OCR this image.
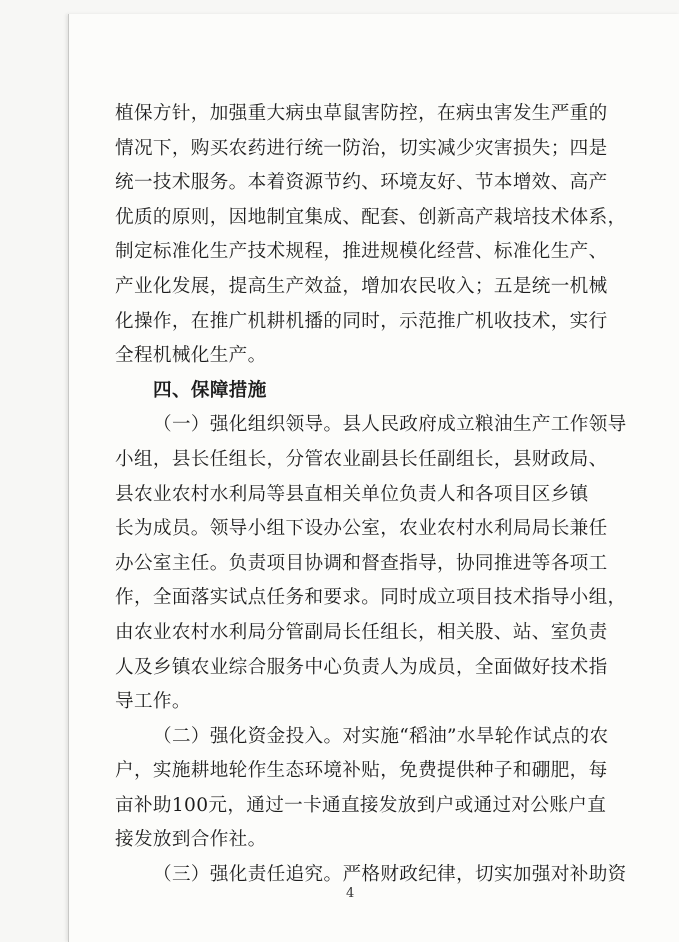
植保方针，加强重大病虫草鼠害防控，在病虫害发生严重的
情况下，购买农药进行统一防治，切实减少灾害损失；四是
统一技术服务。本着资源节约、环境友好、节本增效、高产
优质的原则，因地制宜集成、配套、创新高产栽培技术体系，
制定标准化生产技术规程，推进规模化经营、标准化生产、
产业化发展，提高生产效益，增加农民收入；五是统一机械
化操作，在推广机耕机播的同时，示范推广机收技术，实行
全程机械化生产。
四、保障措施
（一）强化组织领导。县人民政府成立粮油生产工作领导
小组，县长任组长，分管农业副县长任副组长，县财政局、
县农业农村水利局等县直相关单位负责人和各项目区乡镇
长为成员。领导小组下设办公室，农业农村水利局局长兼任
办公室主任。负责项目协调和督查指导，协同推进等各项工
作，全面落实试点任务和要求。同时成立项目技术指导小组，
由农业农村水利局分管副局长任组长，相关股、站、室负责
人及乡镇农业综合服务中心负责人为成员，全面做好技术指
导工作。
（二）强化资金投入。对实施“稻油”水旱轮作试点的农
户，实施耕地轮作生态环境补贴，免费提供种子和硼肥，每
亩补助100元，通过一卡通直接发放到户或通过对公账户直
接发放到合作社。
（三）强化责任追究。严格财政纪律，切实加强对补助资
4
